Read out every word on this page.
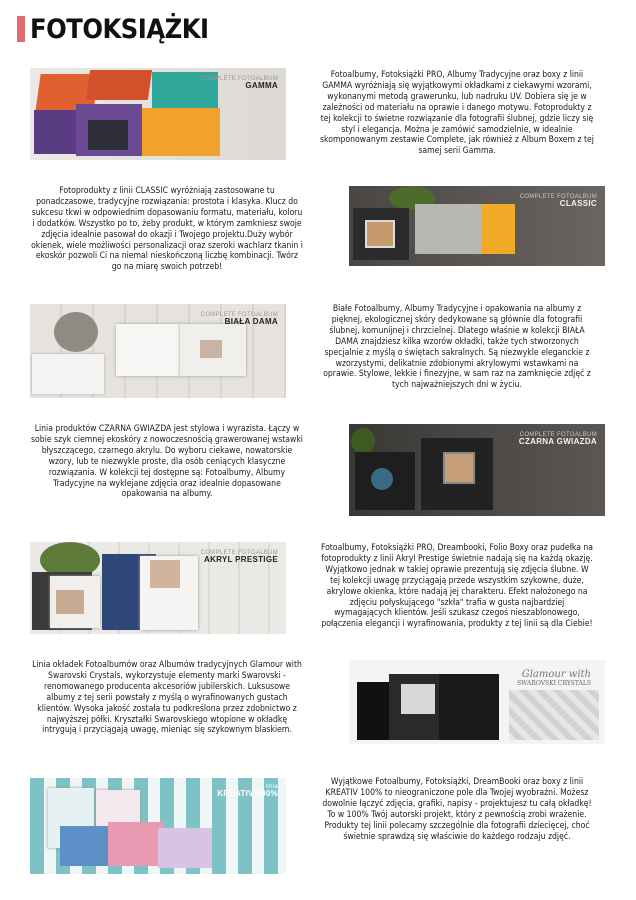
FOTOKSIĄŻKI
COMPLETE FOTOALBUM
GAMMA
Fotoalbumy, Fotoksiążki PRO, Albumy Tradycyjne oraz boxy z linii GAMMA wyróżniają się wyjątkowymi okładkami z ciekawymi wzorami, wykonanymi metodą grawerunku, lub nadruku UV. Dobiera się je w zależności od materiału na oprawie i danego motywu. Fotoprodukty z tej kolekcji to świetne rozwiązanie dla fotografii ślubnej, gdzie liczy się styl i elegancja. Można je zamówić samodzielnie, w idealnie skomponowanym zestawie Complete, jak również z Album Boxem z tej samej serii Gamma.
Fotoprodukty z linii CLASSIC wyróżniają zastosowane tu ponadczasowe, tradycyjne rozwiązania: prostota i klasyka. Klucz do sukcesu tkwi w odpowiednim dopasowaniu formatu, materiału, koloru i dodatków. Wszystko po to, żeby produkt, w którym zamkniesz swoje zdjęcia idealnie pasował do okazji i Twojego projektu.Duży wybór okienek, wiele możliwości personalizacji oraz szeroki wachlarz tkanin i ekoskór pozwoli Ci na niemal nieskończoną liczbę kombinacji. Twórz go na miarę swoich potrzeb!
COMPLETE FOTOALBUM
CLASSIC
COMPLETE FOTOALBUM
BIAŁA DAMA
Białe Fotoalbumy, Albumy Tradycyjne i opakowania na albumy z pięknej, ekologicznej skóry dedykowane są głównie dla fotografii ślubnej, komunijnej i chrzcielnej. Dlatego właśnie w kolekcji BIAŁA DAMA znajdziesz kilka wzorów okładki, także tych stworzonych specjalnie z myślą o świętach sakralnych. Są niezwykle eleganckie z wzorzystymi, delikatnie zdobionymi akrylowymi wstawkami na oprawie. Stylowe, lekkie i finezyjne, w sam raz na zamknięcie zdjęć z tych najważniejszych dni w życiu.
Linia produktów CZARNA GWIAZDA jest stylowa i wyrazista. Łączy w sobie szyk ciemnej ekoskóry z nowoczesnością grawerowanej wstawki błyszczącego, czarnego akrylu. Do wyboru ciekawe, nowatorskie wzory, lub te niezwykle proste, dla osób ceniących klasyczne rozwiązania. W kolekcji tej dostępne są: Fotoalbumy, Albumy Tradycyjne na wyklejane zdjęcia oraz idealnie dopasowane opakowania na albumy.
COMPLETE FOTOALBUM
CZARNA GWIAZDA
COMPLETE FOTOALBUM
AKRYL PRESTIGE
Fotoalbumy, Fotoksiążki PRO, Dreambooki, Folio Boxy oraz pudełka na fotoprodukty z linii Akryl Prestige świetnie nadają się na każdą okazję. Wyjątkowo jednak w takiej oprawie prezentują się zdjęcia ślubne. W tej kolekcji uwagę przyciągają przede wszystkim szykowne, duże, akrylowe okienka, które nadają jej charakteru. Efekt nałożonego na zdjęciu połyskującego "szkła" trafia w gusta najbardziej wymagających klientów. Jeśli szukasz czegoś nieszablonowego, połączenia elegancji i wyrafinowania, produkty z tej linii są dla Ciebie!
Linia okładek Fotoalbumów oraz Albumów tradycyjnych Glamour with Swarovski Crystals, wykorzystuje elementy marki Swarovski - renomowanego producenta akcesoriów jubilerskich. Luksusowe albumy z tej serii powstały z myślą o wyrafinowanych gustach klientów. Wysoka jakość została tu podkreślona przez zdobnictwo z najwyższej półki. Kryształki Swarovskiego wtopione w okładkę intrygują i przyciągają uwagę, mieniąc się szykownym blaskiem.
Glamour with
SWAROVSKI CRYSTALS
linia
KREATIV 100%
Wyjątkowe Fotoalbumy, Fotoksiążki, DreamBooki oraz boxy z linii KREATIV 100% to nieograniczone pole dla Twojej wyobraźni. Możesz dowolnie łączyć zdjęcia, grafiki, napisy - projektujesz tu całą okładkę! To w 100% Twój autorski projekt, który z pewnością zrobi wrażenie. Produkty tej linii polecamy szczególnie dla fotografii dziecięcej, choć świetnie sprawdzą się właściwie do każdego rodzaju zdjęć.
